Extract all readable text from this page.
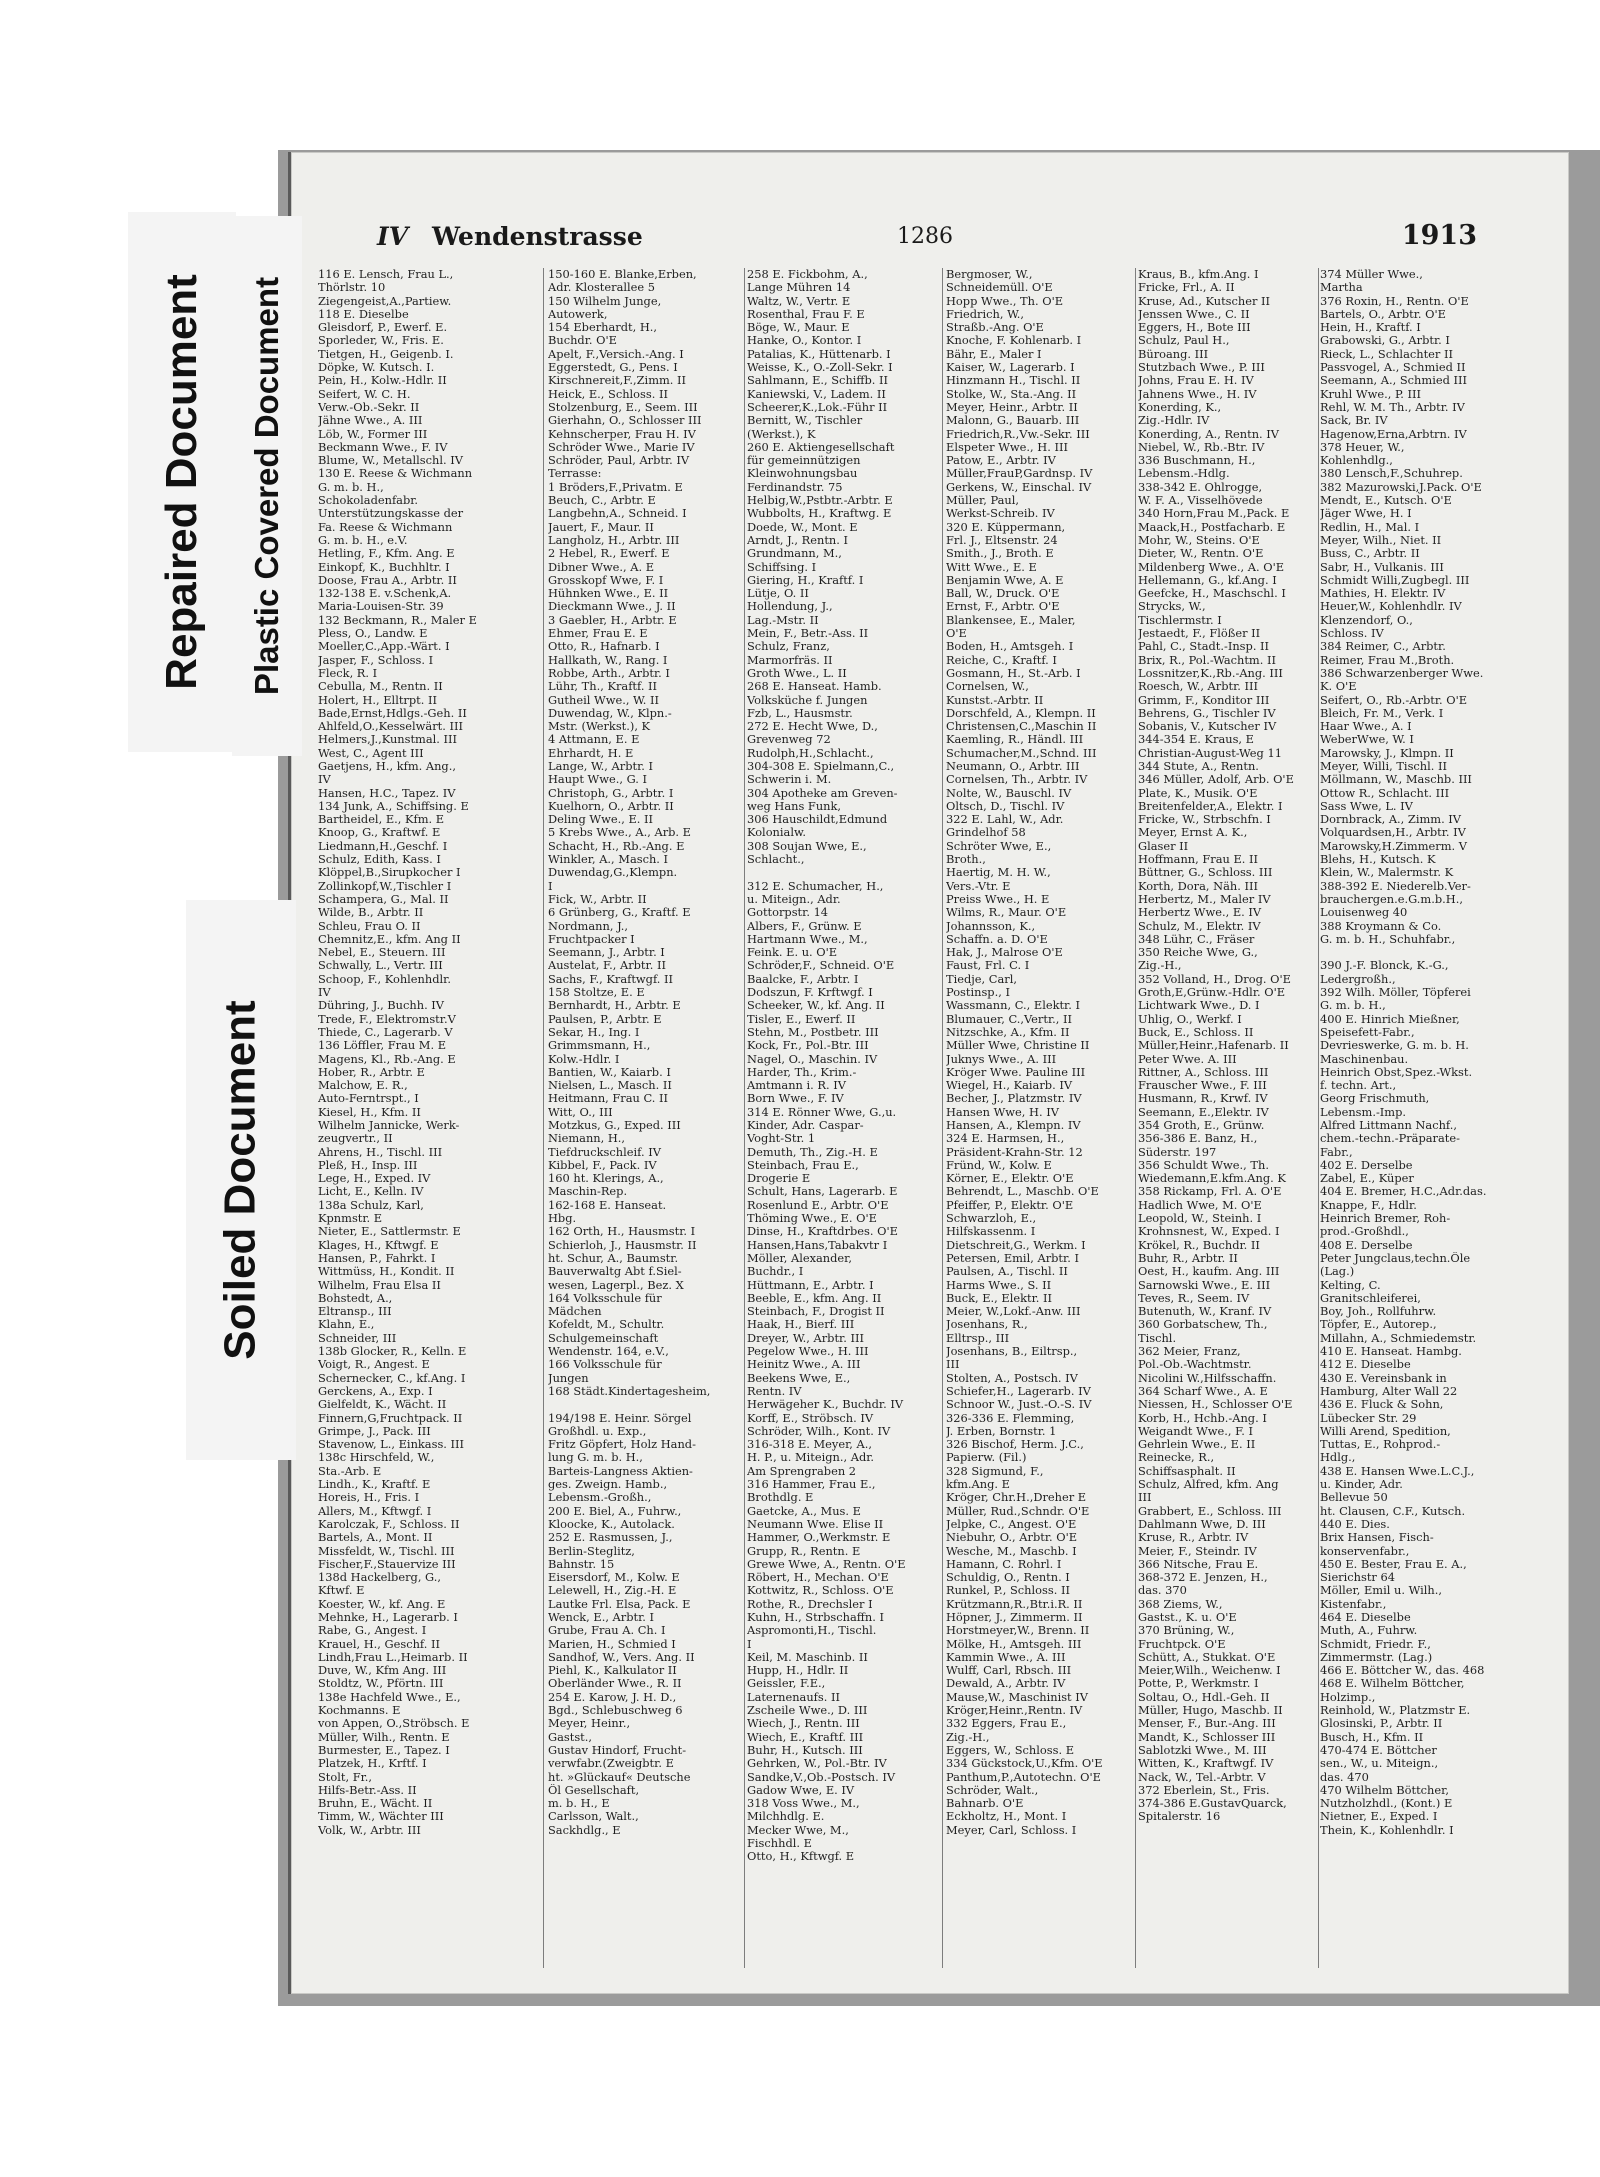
Repaired Document Plastic Covered Document
Soiled Document
IV Wendenstrasse	1286	1913
116 E. Lensch, Frau L.,
Thörlstr. 10
Ziegengeist,A.,Partiew.
118 E. Dieselbe
Gleisdorf, P., Ewerf. E.
Sporleder, W., Fris. E.
Tietgen, H., Geigenb. I.
Döpke, W. Kutsch. I.
Pein, H., Kolw.-Hdlr. II
Seifert, W. C. H.
Verw.-Ob.-Sekr. II
Jähne Wwe., A. III
Löb, W., Former III
Beckmann Wwe., F. IV
Blume, W., Metallschl. IV
130 E. Reese & Wichmann
G. m. b. H.,
Schokoladenfabr.
Unterstützungskasse der
Fa. Reese & Wichmann
G. m. b. H., e.V.
Hetling, F., Kfm. Ang. E
Einkopf, K., Buchhltr. I
Doose, Frau A., Arbtr. II
132-138 E. v.Schenk,A.
Maria-Louisen-Str. 39
132 Beckmann, R., Maler E
Pless, O., Landw. E
Moeller,C.,App.-Wärt. I
Jasper, F., Schloss. I
Fleck, R. I
Cebulla, M., Rentn. II
Holert, H., Elltrpt. II
Bade,Ernst,Hdlgs.-Geh. II
Ahlfeld,O.,Kesselwärt. III
Helmers,J.,Kunstmal. III
West, C., Agent III
Gaetjens, H., kfm. Ang.,
IV
Hansen, H.C., Tapez. IV
134 Junk, A., Schiffsing. E
Bartheidel, E., Kfm. E
Knoop, G., Kraftwf. E
Liedmann,H.,Geschf. I
Schulz, Edith, Kass. I
Klöppel,B.,Sirupkocher I
Zollinkopf,W.,Tischler I
Schampera, G., Mal. II
Wilde, B., Arbtr. II
Schleu, Frau O. II
Chemnitz,E., kfm. Ang II
Nebel, E., Steuern. III
Schwally, L., Vertr. III
Schoop, F., Kohlenhdlr.
IV
Dühring, J., Buchh. IV
Trede, F., Elektromstr.V
Thiede, C., Lagerarb. V
136 Löffler, Frau M. E
Magens, Kl., Rb.-Ang. E
Hober, R., Arbtr. E
Malchow, E. R.,
Auto-Ferntrspt., I
Kiesel, H., Kfm. II
Wilhelm Jannicke, Werk-
zeugvertr., II
Ahrens, H., Tischl. III
Pleß, H., Insp. III
Lege, H., Exped. IV
Licht, E., Kelln. IV
138a Schulz, Karl,
Kpnmstr. E
Nieter, E., Sattlermstr. E
Klages, H., Kftwgf. E
Hansen, P., Fahrkt. I
Wittmüss, H., Kondit. II
Wilhelm, Frau Elsa II
Bohstedt, A.,
Eltransp., III
Klahn, E.,
Schneider, III
138b Glocker, R., Kelln. E
Voigt, R., Angest. E
Schernecker, C., kf.Ang. I
Gerckens, A., Exp. I
Gielfeldt, K., Wächt. II
Finnern,G,Fruchtpack. II
Grimpe, J., Pack. III
Stavenow, L., Einkass. III
138c Hirschfeld, W.,
Sta.-Arb. E
Lindh., K., Kraftf. E
Horeis, H., Fris. I
Allers, M., Kftwgf. I
Karolczak, F., Schloss. II
Bartels, A., Mont. II
Missfeldt, W., Tischl. III
Fischer,F.,Stauervize III
138d Hackelberg, G.,
Kftwf. E
Koester, W., kf. Ang. E
Mehnke, H., Lagerarb. I
Rabe, G., Angest. I
Krauel, H., Geschf. II
Lindh,Frau L.,Heimarb. II
Duve, W., Kfm Ang. III
Stoldtz, W., Pförtn. III
138e Hachfeld Wwe., E.,
Kochmanns. E
von Appen, O.,Ströbsch. E
Müller, Wilh., Rentn. E
Burmester, E., Tapez. I
Platzek, H., Krftf. I
Stolt, Fr.,
Hilfs-Betr.-Ass. II
Bruhn, E., Wächt. II
Timm, W., Wächter III
Volk, W., Arbtr. III
150-160 E. Blanke,Erben,
Adr. Klosterallee 5
150 Wilhelm Junge,
Autowerk,
154 Eberhardt, H.,
Buchdr. O'E
Apelt, F.,Versich.-Ang. I
Eggerstedt, G., Pens. I
Kirschnereit,F.,Zimm. II
Heick, E., Schloss. II
Stolzenburg, E., Seem. III
Gierhahn, O., Schlosser III
Kehnscherper, Frau H. IV
Schröder Wwe., Marie IV
Schröder, Paul, Arbtr. IV
Terrasse:
1 Bröders,F.,Privatm. E
Beuch, C., Arbtr. E
Langbehn,A., Schneid. I
Jauert, F., Maur. II
Langholz, H., Arbtr. III
2 Hebel, R., Ewerf. E
Dibner Wwe., A. E
Grosskopf Wwe, F. I
Hühnken Wwe., E. II
Dieckmann Wwe., J. II
3 Gaebler, H., Arbtr. E
Ehmer, Frau E. E
Otto, R., Hafnarb. I
Hallkath, W., Rang. I
Robbe, Arth., Arbtr. I
Lühr, Th., Kraftf. II
Gutheil Wwe., W. II
Duwendag, W., Klpn.-
Mstr. (Werkst.), K
4 Attmann, E. E
Ehrhardt, H. E
Lange, W., Arbtr. I
Haupt Wwe., G. I
Christoph, G., Arbtr. I
Kuelhorn, O., Arbtr. II
Deling Wwe., E. II
5 Krebs Wwe., A., Arb. E
Schacht, H., Rb.-Ang. E
Winkler, A., Masch. I
Duwendag,G.,Klempn.
I
Fick, W., Arbtr. II
6 Grünberg, G., Kraftf. E
Nordmann, J.,
Fruchtpacker I
Seemann, J., Arbtr. I
Austelat, F., Arbtr. II
Sachs, F., Kraftwgf. II
158 Stoltze, E. E
Bernhardt, H., Arbtr. E
Paulsen, P., Arbtr. E
Sekar, H., Ing. I
Grimmsmann, H.,
Kolw.-Hdlr. I
Bantien, W., Kaiarb. I
Nielsen, L., Masch. II
Heitmann, Frau C. II
Witt, O., III
Motzkus, G., Exped. III
Niemann, H.,
Tiefdruckschleif. IV
Kibbel, F., Pack. IV
160 ht. Klerings, A.,
Maschin-Rep.
162-168 E. Hanseat.
Hbg.
162 Orth, H., Hausmstr. I
Schierloh, J., Hausmstr. II
ht. Schur, A., Baumstr.
Bauverwaltg Abt f.Siel-
wesen, Lagerpl., Bez. X
164 Volksschule für
Mädchen
Kofeldt, M., Schultr.
Schulgemeinschaft
Wendenstr. 164, e.V.,
166 Volksschule für
Jungen
168 Städt.Kindertagesheim,
194/198 E. Heinr. Sörgel
Großhdl. u. Exp.,
Fritz Göpfert, Holz Hand-
lung G. m. b. H.,
Barteis-Langness Aktien-
ges. Zweign. Hamb.,
Lebensm.-Großh.,
200 E. Biel, A., Fuhrw.,
Kloocke, K., Autolack.
252 E. Rasmussen, J.,
Berlin-Steglitz,
Bahnstr. 15
Eisersdorf, M., Kolw. E
Lelewell, H., Zig.-H. E
Lautke Frl. Elsa, Pack. E
Wenck, E., Arbtr. I
Grube, Frau A. Ch. I
Marien, H., Schmied I
Sandhof, W., Vers. Ang. II
Piehl, K., Kalkulator II
Oberländer Wwe., R. II
254 E. Karow, J. H. D.,
Bgd., Schlebuschweg 6
Meyer, Heinr.,
Gastst.,
Gustav Hindorf, Frucht-
verwfabr.(Zweigbtr. E
ht. »Glückauf« Deutsche
Öl Gesellschaft,
m. b. H., E
Carlsson, Walt.,
Sackhdlg., E
258 E. Fickbohm, A.,
Lange Mühren 14
Waltz, W., Vertr. E
Rosenthal, Frau F. E
Böge, W., Maur. E
Hanke, O., Kontor. I
Patalias, K., Hüttenarb. I
Weisse, K., O.-Zoll-Sekr. I
Sahlmann, E., Schiffb. II
Kaniewski, V., Ladem. II
Scheerer,K.,Lok.-Führ II
Bernitt, W., Tischler
(Werkst.), K
260 E. Aktiengesellschaft
für gemeinnützigen
Kleinwohnungsbau
Ferdinandstr. 75
Helbig,W.,Pstbtr.-Arbtr. E
Wubbolts, H., Kraftwg. E
Doede, W., Mont. E
Arndt, J., Rentn. I
Grundmann, M.,
Schiffsing. I
Giering, H., Kraftf. I
Lütje, O. II
Hollendung, J.,
Lag.-Mstr. II
Mein, F., Betr.-Ass. II
Schulz, Franz,
Marmorfräs. II
Groth Wwe., L. II
268 E. Hanseat. Hamb.
Volksküche f. Jungen
Fzb, L., Hausmstr.
272 E. Hecht Wwe, D.,
Grevenweg 72
Rudolph,H.,Schlacht.,
304-308 E. Spielmann,C.,
Schwerin i. M.
304 Apotheke am Greven-
weg Hans Funk,
306 Hauschildt,Edmund
Kolonialw.
308 Soujan Wwe, E.,
Schlacht.,
312 E. Schumacher, H.,
u. Miteign., Adr.
Gottorpstr. 14
Albers, F., Grünw. E
Hartmann Wwe., M.,
Feink. E. u. O'E
Schröder,F., Schneid. O'E
Baalcke, F., Arbtr. I
Dodszun, F. Krftwgf. I
Scheeker, W., kf. Ang. II
Tisler, E., Ewerf. II
Stehn, M., Postbetr. III
Kock, Fr., Pol.-Btr. III
Nagel, O., Maschin. IV
Harder, Th., Krim.-
Amtmann i. R. IV
Born Wwe., F. IV
314 E. Rönner Wwe, G.,u.
Kinder, Adr. Caspar-
Voght-Str. 1
Demuth, Th., Zig.-H. E
Steinbach, Frau E.,
Drogerie E
Schult, Hans, Lagerarb. E
Rosenlund E., Arbtr. O'E
Thöming Wwe., E. O'E
Dinse, H., Kraftdrbes. O'E
Hansen,Hans,Tabakvtr I
Möller, Alexander,
Buchdr., I
Hüttmann, E., Arbtr. I
Beeble, E., kfm. Ang. II
Steinbach, F., Drogist II
Haak, H., Bierf. III
Dreyer, W., Arbtr. III
Pegelow Wwe., H. III
Heinitz Wwe., A. III
Beekens Wwe, E.,
Rentn. IV
Herwägeher K., Buchdr. IV
Korff, E., Ströbsch. IV
Schröder, Wilh., Kont. IV
316-318 E. Meyer, A.,
H. P., u. Miteign., Adr.
Am Sprengraben 2
316 Hammer, Frau E.,
Brothdlg. E
Gaetcke, A., Mus. E
Neumann Wwe. Elise II
Hammer, O.,Werkmstr. E
Grupp, R., Rentn. E
Grewe Wwe, A., Rentn. O'E
Röbert, H., Mechan. O'E
Kottwitz, R., Schloss. O'E
Rothe, R., Drechsler I
Kuhn, H., Strbschaffn. I
Aspromonti,H., Tischl.
I
Keil, M. Maschinb. II
Hupp, H., Hdlr. II
Geissler, F.E.,
Laternenaufs. II
Zscheile Wwe., D. III
Wiech, J., Rentn. III
Wiech, E., Kraftf. III
Buhr, H., Kutsch. III
Gehrken, W., Pol.-Btr. IV
Sandke,V.,Ob.-Postsch. IV
Gadow Wwe, E. IV
318 Voss Wwe., M.,
Milchhdlg. E.
Mecker Wwe, M.,
Fischhdl. E
Otto, H., Kftwgf. E
Bergmoser, W.,
Schneidemüll. O'E
Hopp Wwe., Th. O'E
Friedrich, W.,
Straßb.-Ang. O'E
Knoche, F. Kohlenarb. I
Bähr, E., Maler I
Kaiser, W., Lagerarb. I
Hinzmann H., Tischl. II
Stolke, W., Sta.-Ang. II
Meyer, Heinr., Arbtr. II
Malonn, G., Bauarb. III
Friedrich,R.,Vw.-Sekr. III
Elspeter Wwe., H. III
Patow, E., Arbtr. IV
Müller,FrauP,Gardnsp. IV
Gerkens, W., Einschal. IV
Müller, Paul,
Werkst-Schreib. IV
320 E. Küppermann,
Frl. J., Eltsenstr. 24
Smith., J., Broth. E
Witt Wwe., E. E
Benjamin Wwe, A. E
Ball, W., Druck. O'E
Ernst, F., Arbtr. O'E
Blankensee, E., Maler,
O'E
Boden, H., Amtsgeh. I
Reiche, C., Kraftf. I
Gosmann, H., St.-Arb. I
Cornelsen, W.,
Kunstst.-Arbtr. II
Dorschfeld, A., Klempn. II
Christensen,C.,Maschin II
Kaemling, R., Händl. III
Schumacher,M.,Schnd. III
Neumann, O., Arbtr. III
Cornelsen, Th., Arbtr. IV
Nolte, W., Bauschl. IV
Oltsch, D., Tischl. IV
322 E. Lahl, W., Adr.
Grindelhof 58
Schröter Wwe, E.,
Broth.,
Haertig, M. H. W.,
Vers.-Vtr. E
Preiss Wwe., H. E
Wilms, R., Maur. O'E
Johannsson, K.,
Schaffn. a. D. O'E
Hak, J., Malrose O'E
Faust, Frl. C. I
Tiedje, Carl,
Postinsp., I
Wassmann, C., Elektr. I
Blumauer, C.,Vertr., II
Nitzschke, A., Kfm. II
Müller Wwe, Christine II
Juknys Wwe., A. III
Kröger Wwe. Pauline III
Wiegel, H., Kaiarb. IV
Becher, J., Platzmstr. IV
Hansen Wwe, H. IV
Hansen, A., Klempn. IV
324 E. Harmsen, H.,
Präsident-Krahn-Str. 12
Fründ, W., Kolw. E
Körner, E., Elektr. O'E
Behrendt, L., Maschb. O'E
Pfeiffer, P., Elektr. O'E
Schwarzloh, E.,
Hilfskassenm. I
Dietschreit,G., Werkm. I
Petersen, Emil, Arbtr. I
Paulsen, A., Tischl. II
Harms Wwe., S. II
Buck, E., Elektr. II
Meier, W.,Lokf.-Anw. III
Josenhans, R.,
Elltrsp., III
Josenhans, B., Eiltrsp.,
III
Stolten, A., Postsch. IV
Schiefer,H., Lagerarb. IV
Schnoor W., Just.-O.-S. IV
326-336 E. Flemming,
J. Erben, Bornstr. 1
326 Bischof, Herm. J.C.,
Papierw. (Fil.)
328 Sigmund, F.,
kfm.Ang. E
Kröger, Chr.H.,Dreher E
Müller, Rud.,Schndr. O'E
Jelpke, C., Angest. O'E
Niebuhr, O., Arbtr. O'E
Wesche, M., Maschb. I
Hamann, C. Rohrl. I
Schuldig, O., Rentn. I
Runkel, P., Schloss. II
Krützmann,R.,Btr.i.R. II
Höpner, J., Zimmerm. II
Horstmeyer,W., Brenn. II
Mölke, H., Amtsgeh. III
Kammin Wwe., A. III
Wulff, Carl, Rbsch. III
Dewald, A., Arbtr. IV
Mause,W., Maschinist IV
Kröger,Heinr.,Rentn. IV
332 Eggers, Frau E.,
Zig.-H.,
Eggers, W., Schloss. E
334 Gückstock,U.,Kfm. O'E
Panthum,P.,Autotechn. O'E
Schröder, Walt.,
Bahnarb. O'E
Eckholtz, H., Mont. I
Meyer, Carl, Schloss. I
Kraus, B., kfm.Ang. I
Fricke, Frl., A. II
Kruse, Ad., Kutscher II
Jenssen Wwe., C. II
Eggers, H., Bote III
Schulz, Paul H.,
Büroang. III
Stutzbach Wwe., P. III
Johns, Frau E. H. IV
Jahnens Wwe., H. IV
Konerding, K.,
Zig.-Hdlr. IV
Konerding, A., Rentn. IV
Niebel, W., Rb.-Btr. IV
336 Buschmann, H.,
Lebensm.-Hdlg.
338-342 E. Ohlrogge,
W. F. A., Visselhövede
340 Horn,Frau M.,Pack. E
Maack,H., Postfacharb. E
Mohr, W., Steins. O'E
Dieter, W., Rentn. O'E
Mildenberg Wwe., A. O'E
Hellemann, G., kf.Ang. I
Geefcke, H., Maschschl. I
Strycks, W.,
Tischlermstr. I
Jestaedt, F., Flößer II
Pahl, C., Stadt.-Insp. II
Brix, R., Pol.-Wachtm. II
Lossnitzer,K.,Rb.-Ang. III
Roesch, W., Arbtr. III
Grimm, F., Konditor III
Behrens, G., Tischler IV
Sobanis, V., Kutscher IV
344-354 E. Kraus, E
Christian-August-Weg 11
344 Stute, A., Rentn.
346 Müller, Adolf, Arb. O'E
Plate, K., Musik. O'E
Breitenfelder,A., Elektr. I
Fricke, W., Strbschfn. I
Meyer, Ernst A. K.,
Glaser II
Hoffmann, Frau E. II
Büttner, G., Schloss. III
Korth, Dora, Näh. III
Herbertz, M., Maler IV
Herbertz Wwe., E. IV
Schulz, M., Elektr. IV
348 Lühr, C., Fräser
350 Reiche Wwe, G.,
Zig.-H.,
352 Volland, H., Drog. O'E
Groth,E,Grünw.-Hdlr. O'E
Lichtwark Wwe., D. I
Uhlig, O., Werkf. I
Buck, E., Schloss. II
Müller,Heinr.,Hafenarb. II
Peter Wwe. A. III
Rittner, A., Schloss. III
Frauscher Wwe., F. III
Husmann, R., Krwf. IV
Seemann, E.,Elektr. IV
354 Groth, E., Grünw.
356-386 E. Banz, H.,
Süderstr. 197
356 Schuldt Wwe., Th.
Wiedemann,E.kfm.Ang. K
358 Rickamp, Frl. A. O'E
Hadlich Wwe, M. O'E
Leopold, W., Steinh. I
Krohnsnest, W., Exped. I
Krökel, R., Buchdr. II
Buhr, R., Arbtr. II
Oest, H., kaufm. Ang. III
Sarnowski Wwe., E. III
Teves, R., Seem. IV
Butenuth, W., Kranf. IV
360 Gorbatschew, Th.,
Tischl.
362 Meier, Franz,
Pol.-Ob.-Wachtmstr.
Nicolini W.,Hilfsschaffn.
364 Scharf Wwe., A. E
Niessen, H., Schlosser O'E
Korb, H., Hchb.-Ang. I
Weigandt Wwe., F. I
Gehrlein Wwe., E. II
Reinecke, R.,
Schiffsasphalt. II
Schulz, Alfred, kfm. Ang
III
Grabbert, E., Schloss. III
Dahlmann Wwe, D. III
Kruse, R., Arbtr. IV
Meier, F., Steindr. IV
366 Nitsche, Frau E.
368-372 E. Jenzen, H.,
das. 370
368 Ziems, W.,
Gastst., K. u. O'E
370 Brüning, W.,
Fruchtpck. O'E
Schütt, A., Stukkat. O'E
Meier,Wilh., Weichenw. I
Potte, P., Werkmstr. I
Soltau, O., Hdl.-Geh. II
Müller, Hugo, Maschb. II
Menser, F., Bur.-Ang. III
Mandt, K., Schlosser III
Sablotzki Wwe., M. III
Witten, K., Kraftwgf. IV
Nack, W., Tel.-Arbtr. V
372 Eberlein, St., Fris.
374-386 E.GustavQuarck,
Spitalerstr. 16
374 Müller Wwe.,
Martha
376 Roxin, H., Rentn. O'E
Bartels, O., Arbtr. O'E
Hein, H., Kraftf. I
Grabowski, G., Arbtr. I
Rieck, L., Schlachter II
Passvogel, A., Schmied II
Seemann, A., Schmied III
Kruhl Wwe., P. III
Rehl, W. M. Th., Arbtr. IV
Sack, Br. IV
Hagenow,Erna,Arbtrn. IV
378 Heuer, W.,
Kohlenhdlg.,
380 Lensch,F.,Schuhrep.
382 Mazurowski,J.Pack. O'E
Mendt, E., Kutsch. O'E
Jäger Wwe, H. I
Redlin, H., Mal. I
Meyer, Wilh., Niet. II
Buss, C., Arbtr. II
Sabr, H., Vulkanis. III
Schmidt Willi,Zugbegl. III
Mathies, H. Elektr. IV
Heuer,W., Kohlenhdlr. IV
Klenzendorf, O.,
Schloss. IV
384 Reimer, C., Arbtr.
Reimer, Frau M.,Broth.
386 Schwarzenberger Wwe.
K. O'E
Seifert, O., Rb.-Arbtr. O'E
Bleich, Fr. M., Verk. I
Haar Wwe., A. I
WeberWwe, W. I
Marowsky, J., Klmpn. II
Meyer, Willi, Tischl. II
Möllmann, W., Maschb. III
Ottow R., Schlacht. III
Sass Wwe, L. IV
Dornbrack, A., Zimm. IV
Volquardsen,H., Arbtr. IV
Marowsky,H.Zimmerm. V
Blehs, H., Kutsch. K
Klein, W., Malermstr. K
388-392 E. Niederelb.Ver-
brauchergen.e.G.m.b.H.,
Louisenweg 40
388 Kroymann & Co.
G. m. b. H., Schuhfabr.,
390 J.-F. Blonck, K.-G.,
Ledergroßh.,
392 Wilh. Möller, Töpferei
G. m. b. H.,
400 E. Hinrich Mießner,
Speisefett-Fabr.,
Devrieswerke, G. m. b. H.
Maschinenbau.
Heinrich Obst,Spez.-Wkst.
f. techn. Art.,
Georg Frischmuth,
Lebensm.-Imp.
Alfred Littmann Nachf.,
chem.-techn.-Präparate-
Fabr.,
402 E. Derselbe
Zabel, E., Küper
404 E. Bremer, H.C.,Adr.das.
Knappe, F., Hdlr.
Heinrich Bremer, Roh-
prod.-Großhdl.,
408 E. Derselbe
Peter Jungclaus,techn.Öle
(Lag.)
Kelting, C.
Granitschleiferei,
Boy, Joh., Rollfuhrw.
Töpfer, E., Autorep.,
Millahn, A., Schmiedemstr.
410 E. Hanseat. Hambg.
412 E. Dieselbe
430 E. Vereinsbank in
Hamburg, Alter Wall 22
436 E. Fluck & Sohn,
Lübecker Str. 29
Willi Arend, Spedition,
Tuttas, E., Rohprod.-
Hdlg.,
438 E. Hansen Wwe.L.C.J.,
u. Kinder, Adr.
Bellevue 50
ht. Clausen, C.F., Kutsch.
440 E. Dies.
Brix Hansen, Fisch-
konservenfabr.,
450 E. Bester, Frau E. A.,
Sierichstr 64
Möller, Emil u. Wilh.,
Kistenfabr.,
464 E. Dieselbe
Muth, A., Fuhrw.
Schmidt, Friedr. F.,
Zimmermstr. (Lag.)
466 E. Böttcher W., das. 468
468 E. Wilhelm Böttcher,
Holzimp.,
Reinhold, W., Platzmstr E.
Glosinski, P., Arbtr. II
Busch, H., Kfm. II
470-474 E. Böttcher
sen., W., u. Miteign.,
das. 470
470 Wilhelm Böttcher,
Nutzholzhdl., (Kont.) E
Nietner, E., Exped. I
Thein, K., Kohlenhdlr. I
